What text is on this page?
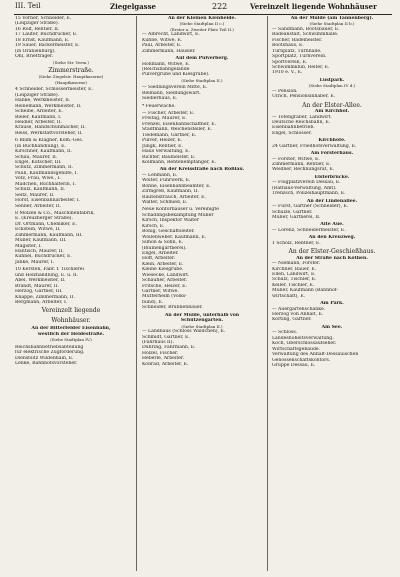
III. Teil	Ziegelgasse	222	Vereinzelt liegende Wohnhäuser
15 Vörner, Schneider, E.
(Leipziger Straße).
16 Rolf, Rentier, II.
17 Lauter, Buchdrucker, E.
18 Ernst, Kaufmann, E.
19 Sauer, Bäckermeister, E.
(in Oranienburg).
Ohl, Briefträger.
(Siehe Str. Verm.)
Zimmerstraße.
(Siehe Ziegelstr. Hauptkaserne)
(Hauptkaserne)
4 Schneider, Schlossermeister, E.
(Leipziger Straße).
Hanke, Werkmeister, II.
Reinemann, Werkmeister, II.
Scheibe, Arbeiter, E.
Bieler, Kaufmann, I.
Heidler, Arbeiter, II.
Krause, Handschuhmacher, II.
Reiss, Werkstattvorsteher, II.
6 Blum & Klagner, Kom.-Ges.
(in Buchhandlung), E.
Kirschner, Kaufmann, II.
Schau, Maurer, II.
Engel, Kutscher, III.
Schütz, Zimmermann, II.
Pauli, Kaufmannsgehilfe, I.
Votz, Frau, Wwe., I.
Mädchen, Buchhalterin, I.
Schulz, Kaufmann, II.
Seitz, Maurer, II.
Horst, Eisenbahnarbeiter, I.
Senner, Arbeiter, II.
8 Molzen & Co., Maschinenfabrik,
E. (Kreuzberger Straße).
Dr. Ortmann, Chemiker, E.
Eckstein, Witwe, II.
Zimmermann, Kaufmann, III.
Müller, Kaufmann, III.
Magister, I.
Hantisch, Maurer, II.
Kühnel, Buchdrucker, E.
Janke, Maurer, I.
10 Kersten, Fabr. f. Tischlerei
und Holzhandlung, E. u. II.
Abel, Werkmeister, II.
Brandt, Maurer, II.
Herzog, Gärtner, III.
Knappe, Zimmermann, II.
Bergmann, Arbeiter, I.
Vereinzelt liegende
Wohnhäuser.
An der Bitterfelder Eisenbahn,
westlich der Heidestraße.
(Siehe Stadtplan IV.)
Reichsbahnbetriebsabteilung
für elektrische Zugförderung.
Dienstsitz Wildenhain, E.
Lenke, Bahnhofsvorsteher.
An der Kleinen Kienheide.
(Siehe Stadtplan II c.)
(Erster u. Zweiter Platz Teil II.)
— Albrecht, Landwirt, E.
Kühne, Witwe, E.
Paul, Arbeiter, E.
Zimmermann, Häusler.
Auf dem Pulverberg.
Hohmann, Witwe, E.
(Reichsbahngelände
Pulvergrube und Kiesgrube).
(Siehe Stadtplan II.)
— Siedlungsverein Mitte, E.
Reimann, Siedlungswart.
Siedlerhaus, E.
* Feuerwache.
— Fischer, Arbeiter, E.
Freitag, Maurer, E.
Frenzel, Eisenbahnschaffner, E.
Stadtmann, Weichensteller, E.
Tiedemann, Gärtner, E.
Pulver, Heizer, E.
Jungk, Rentier, E.
Haus Verwaltung, E.
Richter, Baumeister, E.
Kollmann, Rentenempfänger, E.
An der Kreisstraße nach Roßlau.
— Lehmann, E.
Wolter, Fuhrwerk, E.
Bohne, Eisenbahnbeamter, E.
Zirmgreß, Kaufmann, II.
Rautenstrauch, Arbeiter, E.
Walter, Schmied, E.
Neue Kontorhäuser u. Vereinigte
Schädlingsbekämpfung Müller
Kirsch, Inspektor Walter
Kirsch, E.
Bonig, Geschäftsleiter.
Wollenweber, Kaufmann, E.
Simon & Sohn, E.
(Blumengärtnerei).
Engel, Arbeiter.
Hoff, Arbeiter.
Klein, Arbeiter, E.
Kleine Kiesgrube.
Wiesecke, Landwirt.
Schaufler, Arbeiter.
Fritsche, Heizer, E.
Gärtner, Witwe.
Mütterheim (Volks-
bund), E.
Schneider, Brunnenbauer.
An der Mulde, unterhalb von
Schützengarten.
(Siehe Stadtplan II.)
— Landhaus (Schloss Wäldchen), E.
Schmidt, Gärtner, E.
(Fährhaus II).
Dühring, Fährmann, E.
Hölzel, Fischer.
Heberle, Arbeiter.
Konrad, Arbeiter, E.
An der Mulde (am Tannenberg).
(Siehe Stadtplan II b.)
— Sandmann, Bootsbauer, E.
Badeanstalt, Schwimmhalle.
Fischer, Bademeister.
Bootshaus, E.
Turnplatz, Turnhalle.
Sportplatz, Turnverein.
Sportverein, E.
Schwimmklub, Reiter, E.
1910 e. V., E.
Lustpark.
(Siehe Stadtplan IV d.)
— Pension.
Ulrich, Pensionsinhaber, E.
An der Elster-Allee.
Am Kirchhof.
— Totengräber, Landwirt.
Deutsche Reichsbahn, E.
Eisenbahnbetrieb.
Engel, Schlosser.
Kirchhöfe.
24 Gärtner, Friedhofsverwaltung, E.
Am Försterhaus.
— Förster, Witwe, E.
Zimmermann, Rentier, E.
Weidner, Rechnungsrat, E.
Elsterbrücke.
— Flugplatzverein Dessau, E.
(Rathaus-Verwaltung, Amt).
Trenzsch, Polizeihauptmann, E.
An der Lindenallee.
— Fürst, Gärtner (Schneider), E.
Schulze, Gärtner.
Müller, Gärtnerei, II.
Alte Aue.
— Lorenz, Schneidermeister, E.
An den Kreuzweg.
1 Schölz, Rentner, E.
An der Elster-Geschießhaus.
An der Straße nach Köthen.
— Niemann, Förster.
Kirchner, Bauer, E.
Ellen, Landwirt, E.
Schulz, Tischler, E.
Keller, Tischler, E.
Müller, Kaufmann (Bahnhof-
wirtschaft), E.
Am Park.
— Auergartenschänke.
Herzog von Anhalt, E.
Körting, Gärtner.
Am See.
— Schloss.
Landeshöheitsverwaltung.
Koch, Oberschlossaufseher.
Wirtschaftsgebäude.
Verwaltung des Anhalt-Dessauischen
Genossenschaftskontors.
Gruppe Dessau, E.
